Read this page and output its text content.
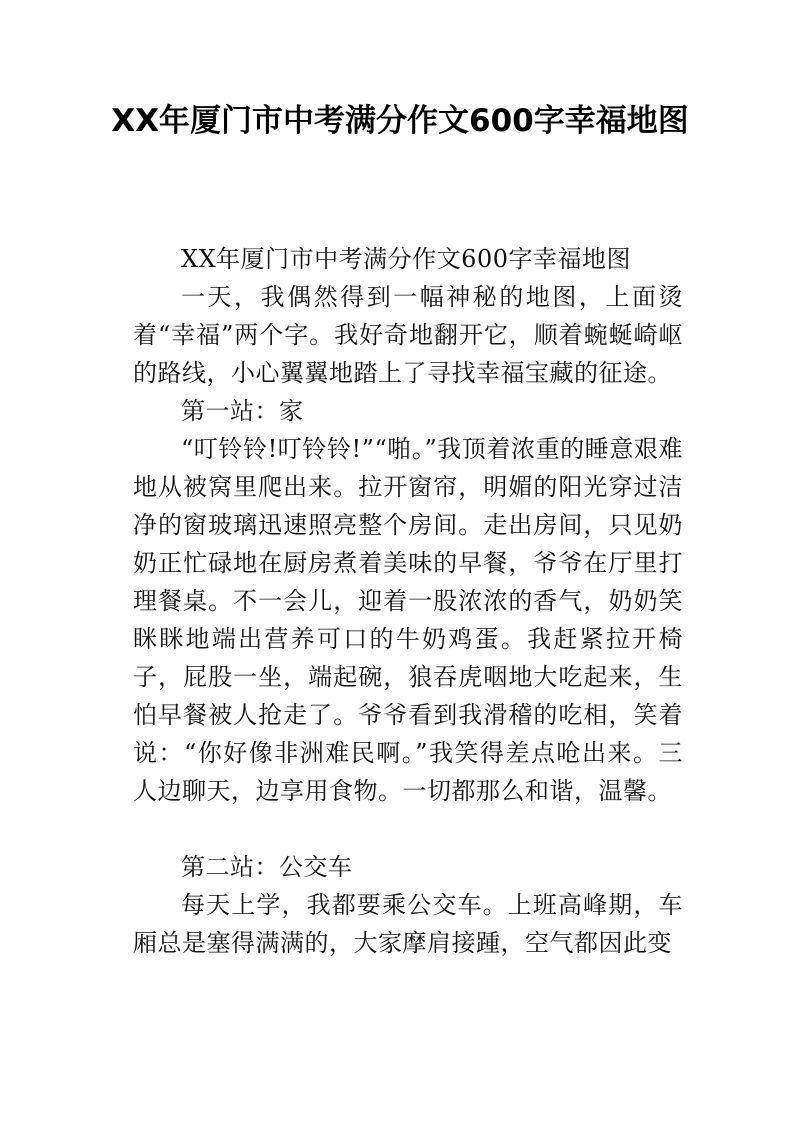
XX年厦门市中考满分作文600字幸福地图

XX年厦门市中考满分作文600字幸福地图

一天，我偶然得到一幅神秘的地图，上面烫着“幸福”两个字。我好奇地翻开它，顺着蜿蜒崎岖的路线，小心翼翼地踏上了寻找幸福宝藏的征途。

第一站：家

“叮铃铃!叮铃铃!”“啪。”我顶着浓重的睡意艰难地从被窝里爬出来。拉开窗帘，明媚的阳光穿过洁净的窗玻璃迅速照亮整个房间。走出房间，只见奶奶正忙碌地在厨房煮着美味的早餐，爷爷在厅里打理餐桌。不一会儿，迎着一股浓浓的香气，奶奶笑眯眯地端出营养可口的牛奶鸡蛋。我赶紧拉开椅子，屁股一坐，端起碗，狼吞虎咽地大吃起来，生怕早餐被人抢走了。爷爷看到我滑稽的吃相，笑着说：“你好像非洲难民啊。”我笑得差点呛出来。三人边聊天，边享用食物。一切都那么和谐，温馨。

第二站：公交车

每天上学，我都要乘公交车。上班高峰期，车厢总是塞得满满的，大家摩肩接踵，空气都因此变
